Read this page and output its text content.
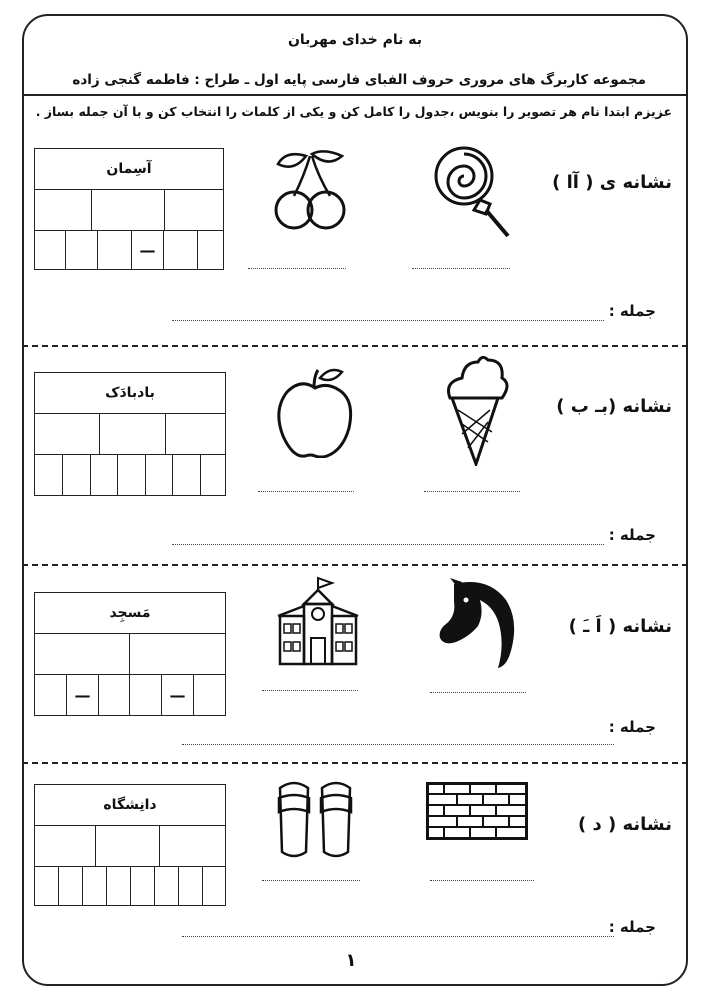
به نام خدای مهربان
مجموعه کاربرگ های مروری حروف الفبای فارسی پایه اول ـ طراح : فاطمه گنجی زاده
عزیزم ابتدا نام هر تصویر را بنویس ،جدول را کامل کن و یکی از کلمات را انتخاب کن و با آن جمله بساز .
نشانه ی ( آا )
آسِمان
—
جمله :
نشانه (بـ ب )
بادبادَک
جمله :
نشانه ( اَ ـَ )
مَسجِد
—	—
جمله :
نشانه ( د )
دانِشگاه
جمله :
۱
